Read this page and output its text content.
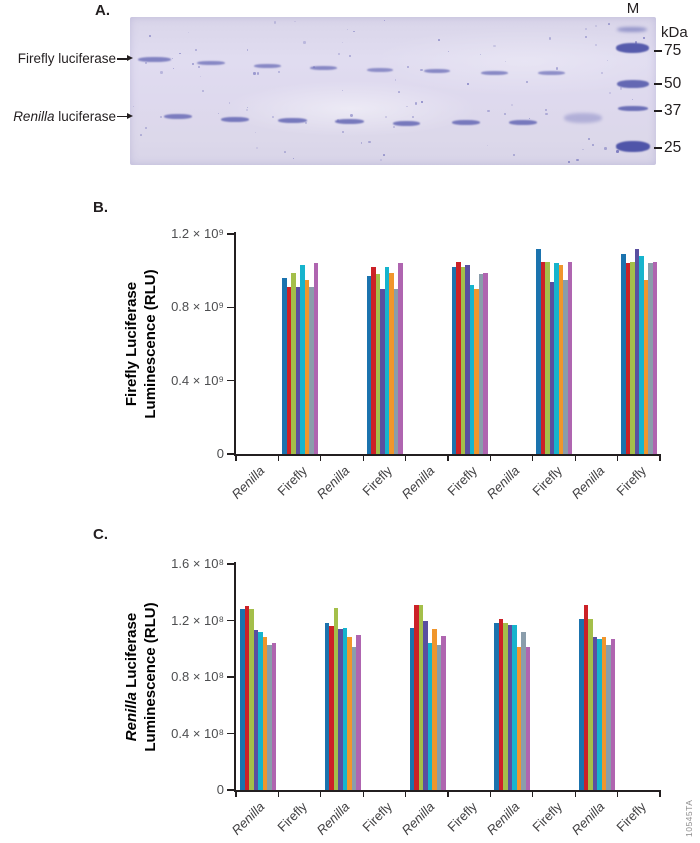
A.	M
kDa
10545TA
B.
C.
Firefly luciferase
Renilla luciferase
75
50
37
25
0
0.4 × 10⁹
0.8 × 10⁹
1.2 × 10⁹
Renilla Firefly Renilla Firefly Renilla Firefly Renilla Firefly Renilla Firefly
Firefly Luciferase Luminescence (RLU)
0
0.4 × 10⁸
0.8 × 10⁸
1.2 × 10⁸
1.6 × 10⁸
Renilla Firefly Renilla Firefly Renilla Firefly Renilla Firefly Renilla Firefly
Renilla Luciferase Luminescence (RLU)
